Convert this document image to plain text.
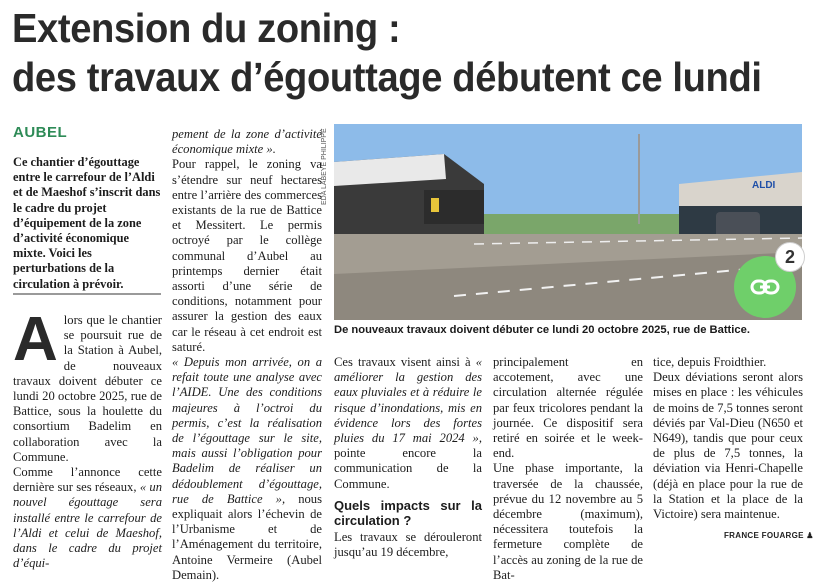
Extension du zoning :
des travaux d’égouttage débutent ce lundi
AUBEL

Ce chantier d’égouttage entre le carrefour de l’Aldi et de Maeshof s’inscrit dans le cadre du projet d’équipement de la zone d’activité économique mixte. Voici les perturbations de la circulation à prévoir.

A lors que le chantier se poursuit rue de la Station à Aubel, de nouveaux travaux doivent débuter ce lundi 20 octobre 2025, rue de Battice, sous la houlette du consortium Badelim en collaboration avec la Commune.
Comme l’annonce cette dernière sur ses réseaux, « un nouvel égouttage sera installé entre le carrefour de l’Aldi et celui de Maeshof, dans le cadre du projet d’équi-
pement de la zone d’activité économique mixte ».
Pour rappel, le zoning va s’étendre sur neuf hectares entre l’arrière des commerces existants de la rue de Battice et Messitert. Le permis octroyé par le collège communal d’Aubel au printemps dernier était assorti d’une série de conditions, notamment pour assurer la gestion des eaux car le réseau à cet endroit est saturé.
« Depuis mon arrivée, on a refait toute une analyse avec l’AIDE. Une des conditions majeures à l’octroi du permis, c’est la réalisation de l’égouttage sur le site, mais aussi l’obligation pour Badelim de réaliser un dédoublement d’égouttage, rue de Battice », nous expliquait alors l’échevin de l’Urbanisme et de l’Aménagement du territoire, Antoine Vermeire (Aubel Demain).
ALDI
EDA LABEYE PHILIPPE
De nouveaux travaux doivent débuter ce lundi 20 octobre 2025, rue de Battice.
Ces travaux visent ainsi à « améliorer la gestion des eaux pluviales et à réduire le risque d’inondations, mis en évidence lors des fortes pluies du 17 mai 2024 », pointe encore la communication de la Commune.
Quels impacts sur la circulation ?
Les travaux se dérouleront jusqu’au 19 décembre,
principalement en accotement, avec une circulation alternée régulée par feux tricolores pendant la journée. Ce dispositif sera retiré en soirée et le week-end.
Une phase importante, la traversée de la chaussée, prévue du 12 novembre au 5 décembre (maximum), nécessitera toutefois la fermeture complète de l’accès au zoning de la rue de Bat-
tice, depuis Froidthier.
Deux déviations seront alors mises en place : les véhicules de moins de 7,5 tonnes seront déviés par Val-Dieu (N650 et N649), tandis que pour ceux de plus de 7,5 tonnes, la déviation via Henri-Chapelle (déjà en place pour la rue de la Station et la place de la Victoire) sera maintenue.
FRANCE FOUARGE ♟
2
